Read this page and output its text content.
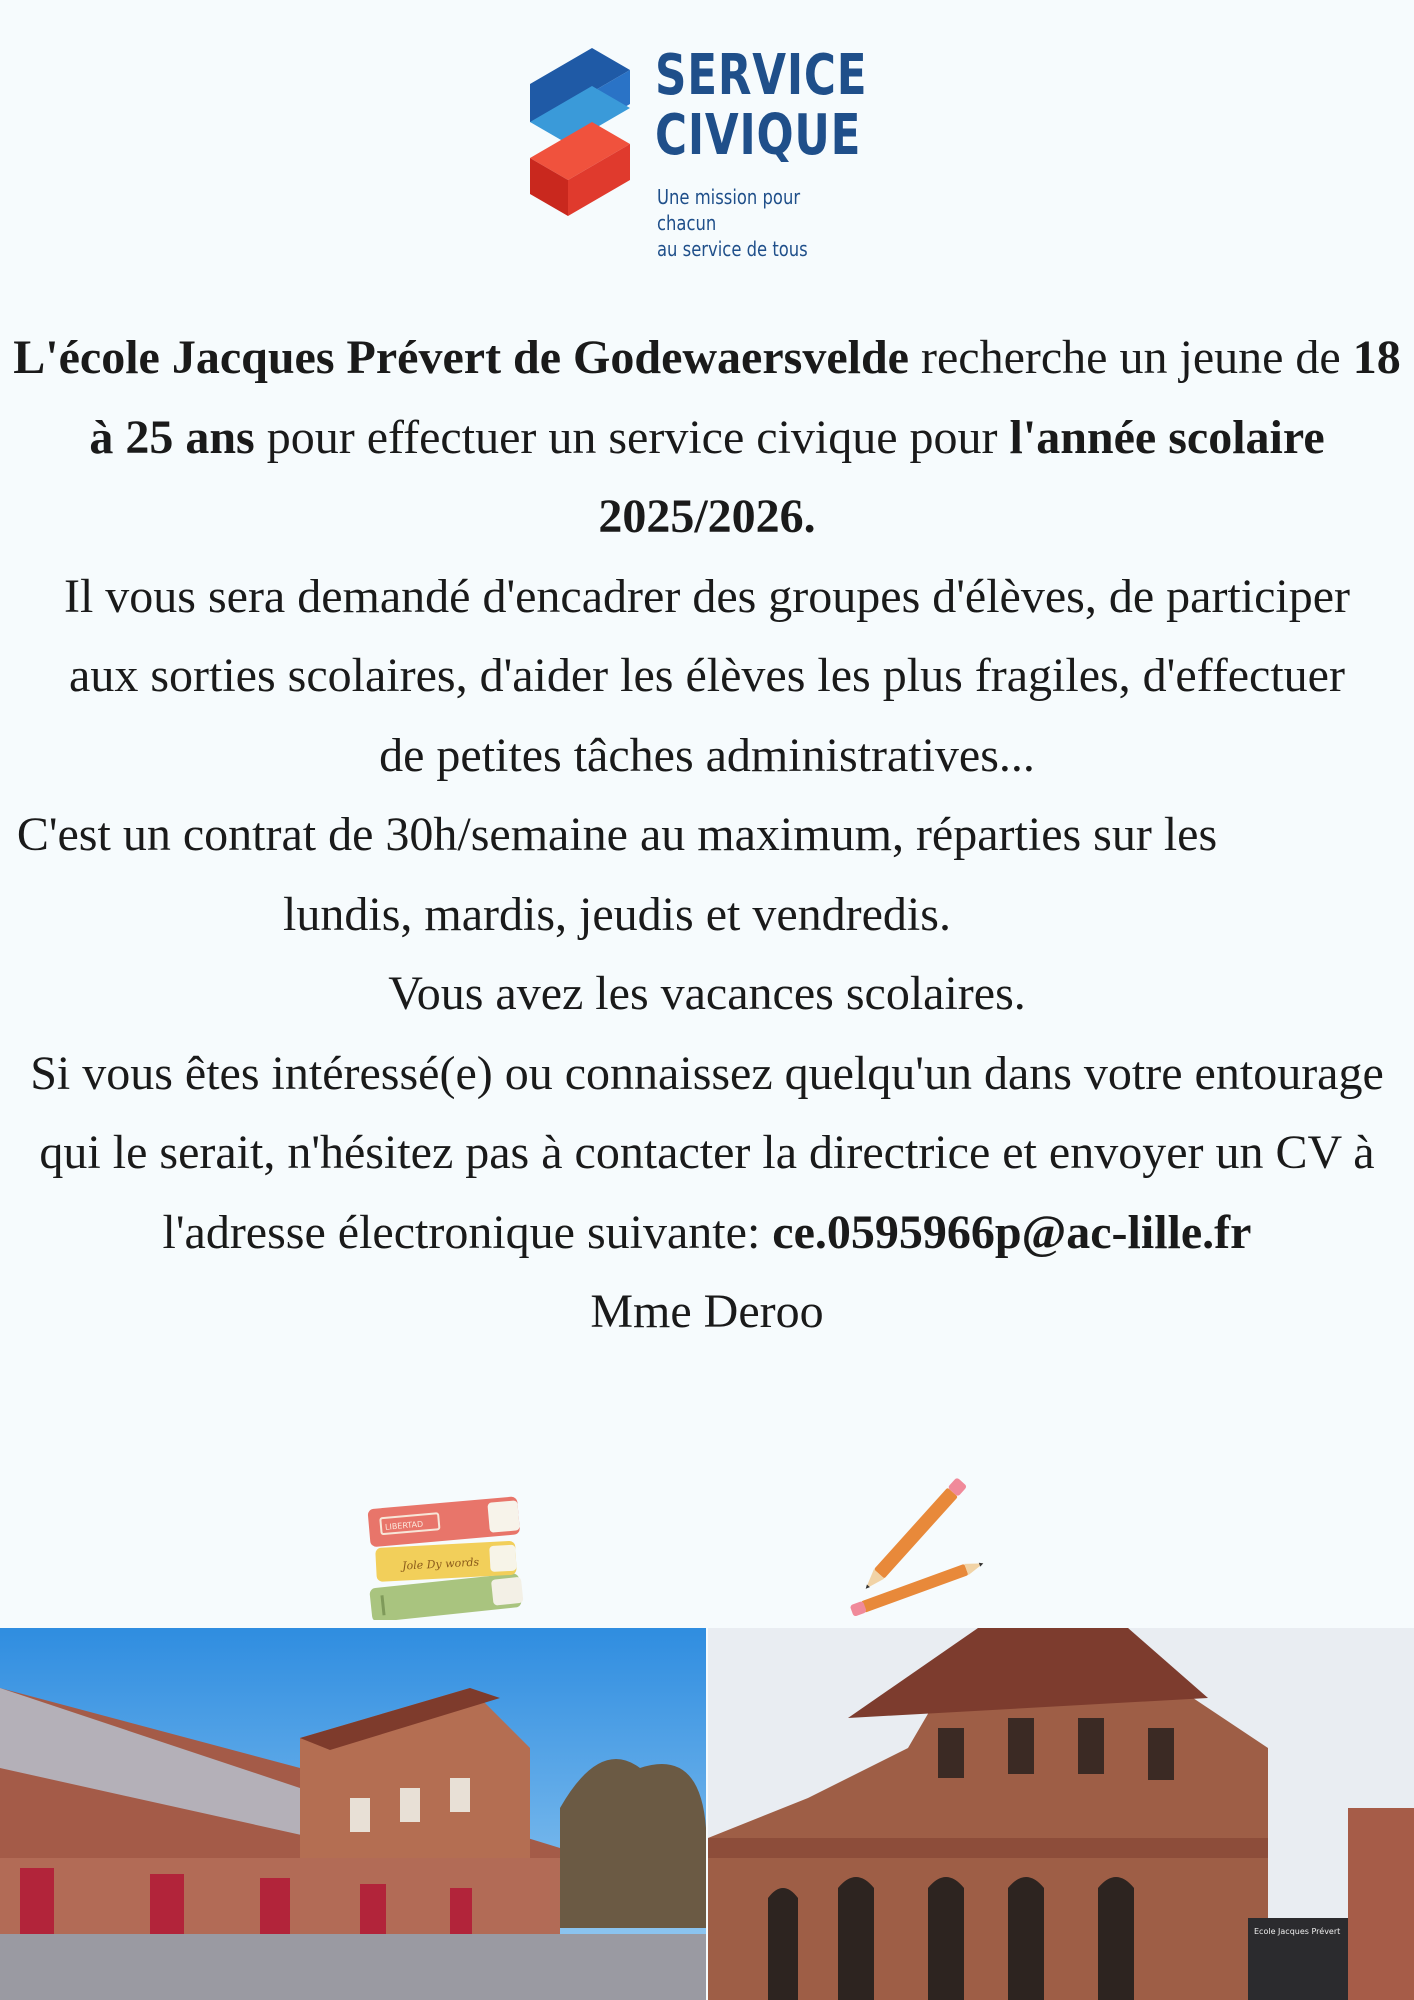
SERVICE
CIVIQUE
Une mission pour chacun
au service de tous
L'école Jacques Prévert de Godewaersvelde recherche un jeune de 18 à 25 ans pour effectuer un service civique pour l'année scolaire 2025/2026.
Il vous sera demandé d'encadrer des groupes d'élèves, de participer aux sorties scolaires, d'aider les élèves les plus fragiles, d'effectuer de petites tâches administratives...
C'est un contrat de 30h/semaine au maximum, réparties sur les lundis, mardis, jeudis et vendredis.
Vous avez les vacances scolaires.
Si vous êtes intéressé(e) ou connaissez quelqu'un dans votre entourage qui le serait, n'hésitez pas à contacter la directrice et envoyer un CV à l'adresse électronique suivante: ce.0595966p@ac-lille.fr
Mme Deroo
Jole Dy words
LIBERTAD
Ecole Jacques Prévert
